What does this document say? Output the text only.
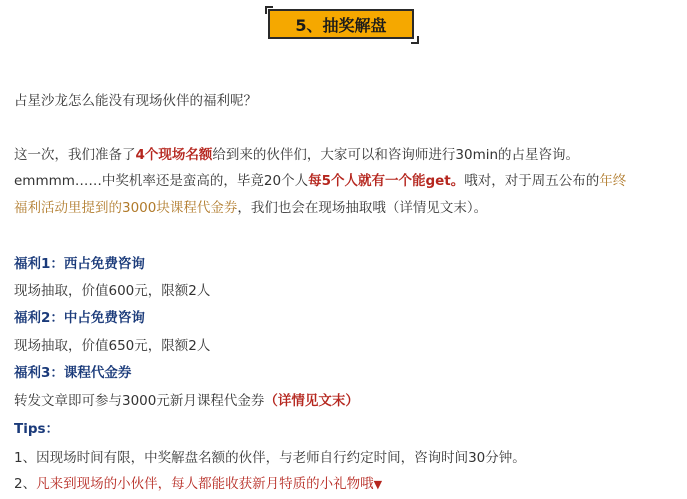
5、抽奖解盘
占星沙龙怎么能没有现场伙伴的福利呢？
这一次，我们准备了4个现场名额给到来的伙伴们，大家可以和咨询师进行30min的占星咨询。
emmmm……中奖机率还是蛮高的，毕竟20个人每5个人就有一个能get。哦对，对于周五公布的年终
福利活动里提到的3000块课程代金券，我们也会在现场抽取哦（详情见文末）。
福利1：西占免费咨询
现场抽取，价值600元，限额2人
福利2：中占免费咨询
现场抽取，价值650元，限额2人
福利3：课程代金券
转发文章即可参与3000元新月课程代金券（详情见文末）
Tips：
1、因现场时间有限，中奖解盘名额的伙伴，与老师自行约定时间，咨询时间30分钟。
2、凡来到现场的小伙伴，每人都能收获新月特质的小礼物哦▼
